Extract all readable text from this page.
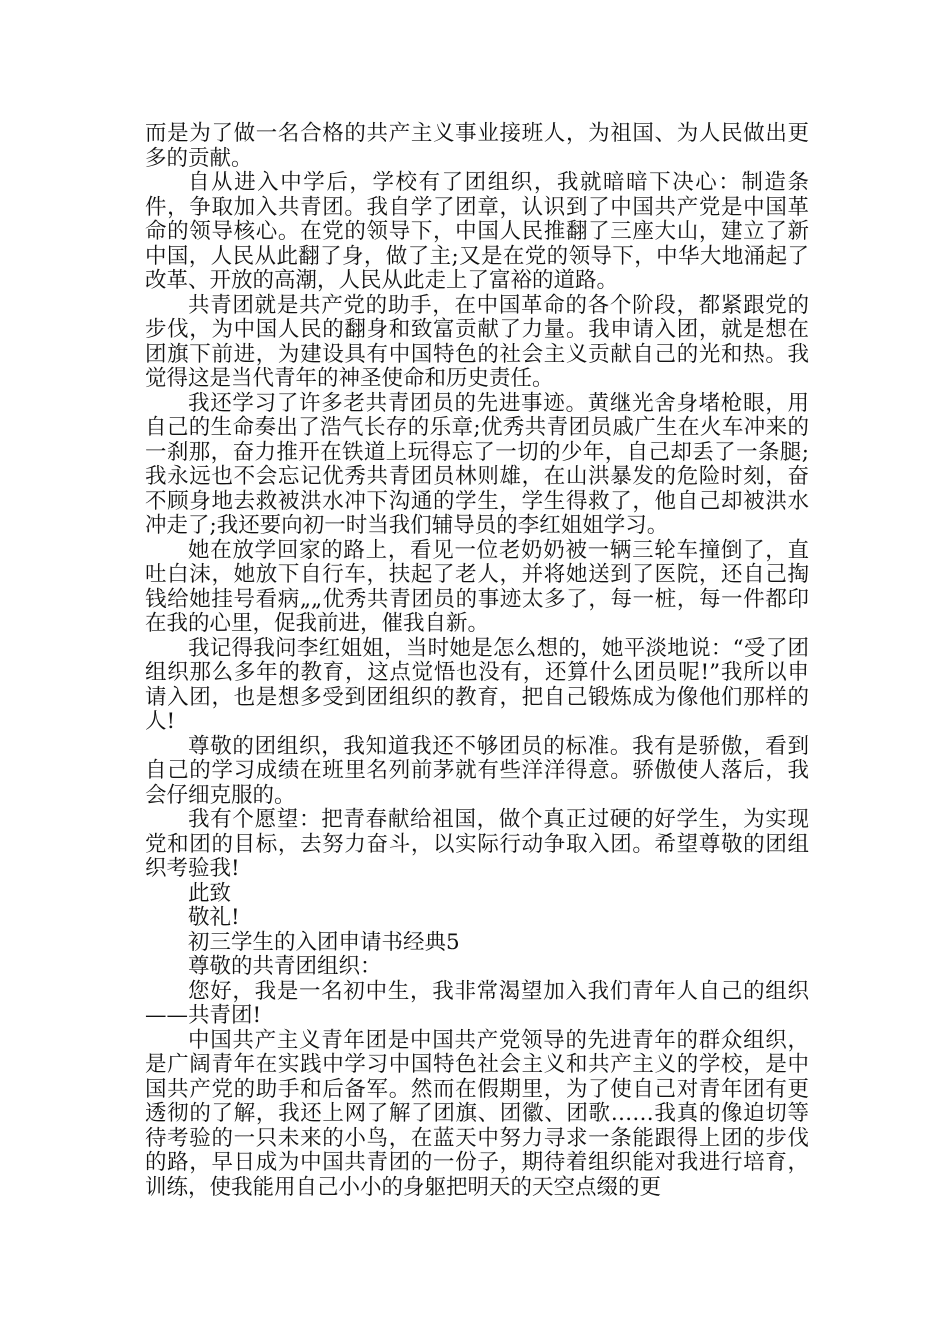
而是为了做一名合格的共产主义事业接班人，为祖国、为人民做出更多的贡献。

自从进入中学后，学校有了团组织，我就暗暗下决心：制造条件，争取加入共青团。我自学了团章，认识到了中国共产党是中国革命的领导核心。在党的领导下，中国人民推翻了三座大山，建立了新中国，人民从此翻了身，做了主;又是在党的领导下，中华大地涌起了改革、开放的高潮，人民从此走上了富裕的道路。

共青团就是共产党的助手，在中国革命的各个阶段，都紧跟党的步伐，为中国人民的翻身和致富贡献了力量。我申请入团，就是想在团旗下前进，为建设具有中国特色的社会主义贡献自己的光和热。我觉得这是当代青年的神圣使命和历史责任。

我还学习了许多老共青团员的先进事迹。黄继光舍身堵枪眼，用自己的生命奏出了浩气长存的乐章;优秀共青团员戚广生在火车冲来的一刹那，奋力推开在铁道上玩得忘了一切的少年，自己却丢了一条腿;我永远也不会忘记优秀共青团员林则雄，在山洪暴发的危险时刻，奋不顾身地去救被洪水冲下沟通的学生，学生得救了，他自己却被洪水冲走了;我还要向初一时当我们辅导员的李红姐姐学习。

她在放学回家的路上，看见一位老奶奶被一辆三轮车撞倒了，直吐白沫，她放下自行车，扶起了老人，并将她送到了医院，还自己掏钱给她挂号看病„„优秀共青团员的事迹太多了，每一桩，每一件都印在我的心里，促我前进，催我自新。

我记得我问李红姐姐，当时她是怎么想的，她平淡地说：“受了团组织那么多年的教育，这点觉悟也没有，还算什么团员呢!”我所以申请入团，也是想多受到团组织的教育，把自己锻炼成为像他们那样的人!

尊敬的团组织，我知道我还不够团员的标准。我有是骄傲，看到自己的学习成绩在班里名列前茅就有些洋洋得意。骄傲使人落后，我会仔细克服的。

我有个愿望：把青春献给祖国，做个真正过硬的好学生，为实现党和团的目标，去努力奋斗，以实际行动争取入团。希望尊敬的团组织考验我!

此致

敬礼!

初三学生的入团申请书经典5

尊敬的共青团组织：

您好，我是一名初中生，我非常渴望加入我们青年人自己的组织——共青团!

中国共产主义青年团是中国共产党领导的先进青年的群众组织，是广阔青年在实践中学习中国特色社会主义和共产主义的学校，是中国共产党的助手和后备军。然而在假期里，为了使自己对青年团有更透彻的了解，我还上网了解了团旗、团徽、团歌……我真的像迫切等待考验的一只未来的小鸟，在蓝天中努力寻求一条能跟得上团的步伐的路，早日成为中国共青团的一份子，期待着组织能对我进行培育，训练，使我能用自己小小的身躯把明天的天空点缀的更
